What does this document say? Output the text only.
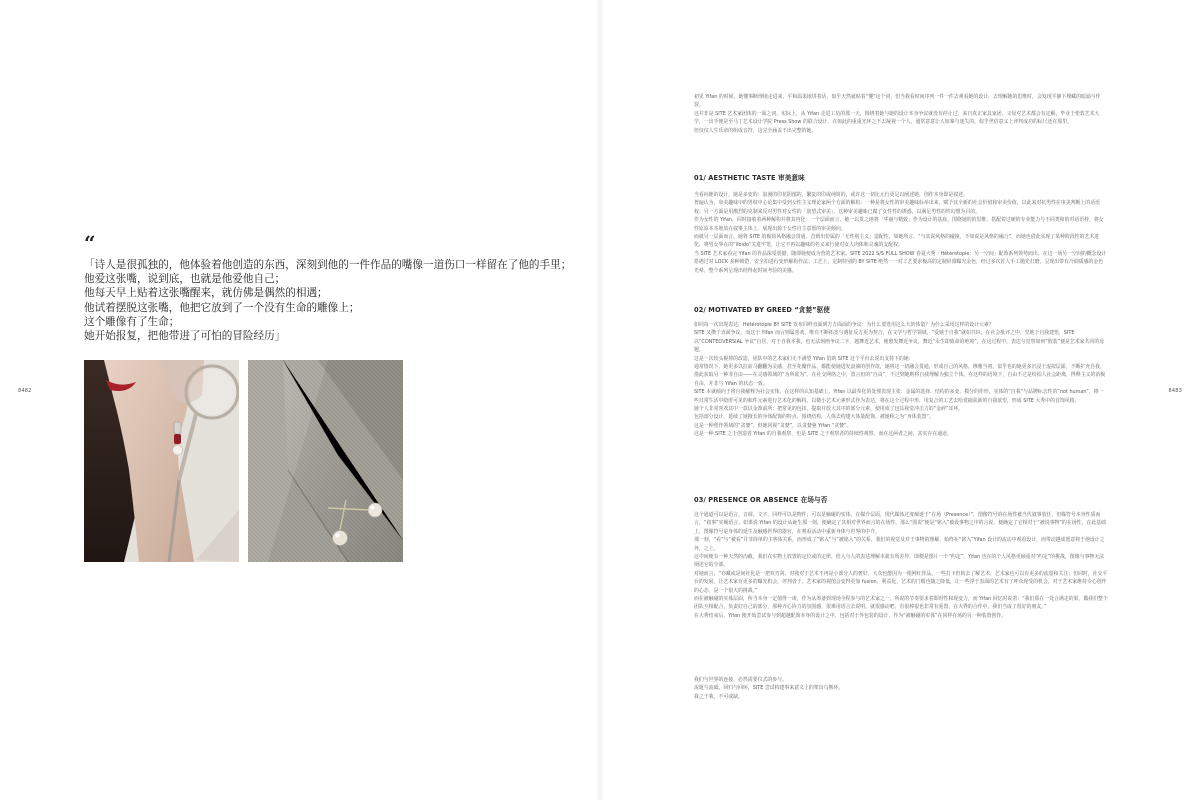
8482	8483
“
「诗人是很孤独的，他体验着他创造的东西，深刻到他的一件作品的嘴像一道伤口一样留在了他的手里；
他爱这张嘴，说到底，也就是他爱他自己；
他每天早上贴着这张嘴醒来，就仿佛是偶然的相遇；
他试着摆脱这张嘴，他把它放到了一个没有生命的雕像上；
这个雕像有了生命；
她开始报复，把他带进了可怕的冒险经历」

初见 Yifan 的时候，她懂事断理地走进来，平和温柔地讲着话，似乎天然就贴着“懂”这个词，但当我看时间序列一件一件去观看她的设计，去理解她的思维时，会发现平静下埋藏的暗涌与作裂。

这并非是 SITE 艺术家团体的一面之词，实际上，从 Yifan 走进工坊的那一天，围绕着她与她的设计本身争议就没有停止过，来自真正家具家团，父母对艺术都会有定解，毕业于伦敦艺术大学，一出手便是至马丁艺术设计学院 Press Show 的联合设计，在如此的重重光环之下去凝视一个人，通常意意让人如摹与迷失的，似乎世俗意义上评判成功的标尺还在那里。

但仅仅人生乐章的组成音符，这完全涵盖不出完整的她。

01/ AESTHETIC TASTE 审美意味

当看向她的设计，她是多变的：浪漫的印花阴郁的，繁复的印或纯简的，或许这一切比元行更足以阐述她，创作本身即是叙述。

普遍认为，审美趣味中的男权中心论集中受到女性主义理论家两个方面的解构：一种是将女性的审美趣味标举出来，赋予其全新的社会价值和审美价值，以此来对抗男性在审美判断上的话语权；另一方面是用激烈的克制来反对男性对女性的「欲望式审美」，这种审美趣味已腐了女性性的诱惑，以满足男性的性幻想为目的。

作为女性的 Yifan，同时接收着两种解构并将其内化：一个层面而言，她一以贯之地将「华丽与精致」作为设计的基底，围绕她的的思维，搭配着过硬的专业能力与不同类和的对话语样，将女性原原本本地放在叙事主体上，展现出源于女性自主意愿的审美倾向。

而就另一层面而言，她将 SITE 的极简风格融会贯通，首到出份属的「无性别主义」造配性，如她所言，“与其说风格的碰撞，不如说是风格的融合”，而她也借此实现了某种阶段性的艺术进化，将男女界在的“libido”关进牢笼，让它不再以趣味的名义来行使对女人肉体和灵魂的支配权。

当 SITE 艺术家看完 Yifan 的作品深受震撼，随即她便成为营的艺术家。SITE 2022 S/S FULL SHOW 春夏大秀「Hétérotopie：另一空间」配饰系列领势而出，在这一场另一空间的概念设计搭遇过对 LOCK 多种锁铠，安全扣进行变形解构作法；工艺上，定制特别的 BY SITE 绝然一一对工艺要求极高的定制屏幕曝光金色，经过多次匠人手工抛光打磨，呈现出带有冷调质感的金色光晕，整个系列呈现出经得起时间考验的美感。

02/ MOTIVATED BY GREED “贪婪”驱使

如同每一次出现表达，Hétérotopie BY SITE 发布同样直面到方方面面的争议：为什么要选用这么大的体量？为什么采用这样的设计元素？

SITE 又攒千直面争议，而这于 Yifan 而言则属喜欢，唯有不断拓宽与遇征反方更为契合，在文学与哲学领域，“爱她于自我”就如共识；在社会批评之中，党地于自我建悟，SITE 以“CONTEOVERSIAL 争议”自居，对于自我本我，也无法刻画争议二字，越舞近艺术，便愈发舞近争议，舞近“永生即致命的绝境”，在这过程中，表达与觉察如何“假装”便是艺术家共同的母题。

这是一次较头棍摔的改造，团队中的艺术家们无不满望 Yifan 借助 SITE 这个平台去说出支持下的她：

通常情况下，她更多以拉前马翻翻为灵感，甚至花瓣作品，都能使她进发浪淌的创作欲，她将这一切融会贯通，形成自己的风格。穆雅当初，似乎也的她更多沉浸于虚拟层面，不断扩充自我。

借此获取另一种非自由——在灵感领域的“为所欲为”，在社交网络之中，置言但的“自由”，不过到她则将自我理解为独立个体，在这样的语境下，自由不过是纷拍人社会距离，得释主义的消极自由，并非与 Yifan 的状态一致。

SITE 本就倾向于将自我解释为社会实体，在这样的认知基础上，Yifan 以最奉化的处理表现主张：金属的选择、结构的多变、模分的作形，实体的“自我”与品牌标志性的“not human”，将一些日常生活中隐匿可见的和件元素进行艺术化的解构，以微小艺术元素形式作为表达，将在这个过程中形，用复合的工艺去哈赏捕获新的自我欲望，形成 SITE 大秀中的首饰风格。

她个人非常喜欢其中一款以金饰前所：把常见的包扣，提取并放大其中的部分元素，使用成了包具视觉冲击力的“金碎”耳环。

包括部分设计，延续了她擅长的身体配饰的特点，围绕结构，人体去构建大体量配饰，被她称之为“身体装置”。

这是一种创作领域的“贪婪”，但她同视“贪婪”，以贪婪驱 Yifan “贪婪”。

这是一种 SITE 之于创造者 Yifan 的自我观察，也是 SITE 之于观察者的持续性观察，而在这两者之间，其实存在通途。

03/ PRESENCE OR ABSENCE 在场与否

这个通道可以是语言、音调、文字，同样可以是物件；可以是触碰的实体，在媒介层面，现代媒体过度痴迷于“在场（Presence）”，图像符号的在场性被当代叙事放任，但媒符号本身性质而言，“叙事”实履语言。如果说 Yifan 的设计从诞生那一刻，便确定了其相对世界而言的在场性，那么“围说”便是“铭入”被设事物之中的言说，便确定了它相对于“被说事物”的在场性，在此基础上，图像符号是身体的延生及触感世界的器官，在观看活动中重新身体与世界的中介。

那一刻，“看”与“被看”并非简单的主客体关系，而形成了“铭入”与“被铭入”的关系，我们的视觉及对于事物的理解，始终在“铭入”Yifan 设计的流动中观看设计，而带动越成愿意将于他设计之外，之上。

这中间便有一种天然的沟截，我们在实物上放置的定位或的定律，但人与人的表达理解本就有所差异，即便是图片一个“约定”，Yifan 也在的个人风格更倾重对“约定”的挑战，图像与事物无法阐述它的全部。

对她而言，“亦藏或是间社化是一把双刃剑，对我对于艺术不再是小部分人的奢好，大众也能因为一根网红作品，一些打卡但转去了解艺术，艺术家也可以有更多的流量和关注；但同时，社交平台的发展，让艺术家有更多的曝光机会，评判者于，艺术家的视图会变得更加 fusion，利益化，艺术的门槛也随之降低，让一些浮于表面的艺术有了呼众现受的机会，对于艺术家维持专心创作的心态，是一个很大的挑战。”

而在被触碰的实体层面，所当本身一定值得一谈，作为从筹备到现场全程参与的艺术家之一，所说的节奏要求着即时性和现变力，而 Yifan 回忆时说着：“我们那在一处合满走的果，做我们整个团队互相配合，负责好自己的部分，那种齐心协力的氛围感，很难用语言去说明，就很感动吧，有很棒很也非常有重置，在大秀的合作中，我们当成了很好的朋友。”

在大秀结束后，Yifan 便开始尝试参与到超越配饰本身的设计之中，包括对于外包装的设计，作为“被触碰的实体”在同样在场的另一种装置创作。

我们与世界的连接，必然需要仪式的参与。

流逝与流砥，回归与回环，SITE 尝试构建事来意义上的架出乌斯环。

我之于我，不可或缺。
